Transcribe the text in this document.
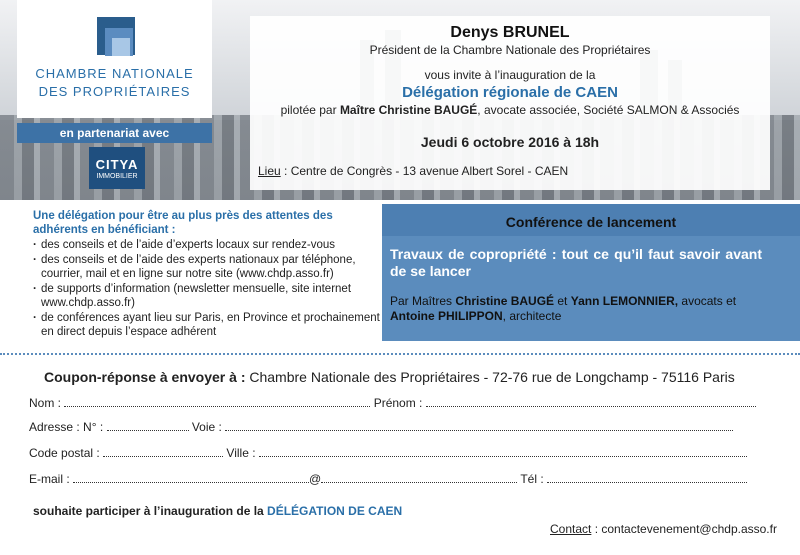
CHAMBRE NATIONALE
DES PROPRIÉTAIRES
en partenariat avec
CITYA
IMMOBILIER
Denys BRUNEL
Président de la Chambre Nationale des Propriétaires
vous invite à l’inauguration de la
Délégation régionale de CAEN
pilotée par Maître Christine BAUGÉ, avocate associée, Société SALMON & Associés
Jeudi 6 octobre 2016 à 18h
Lieu : Centre de Congrès - 13 avenue Albert Sorel - CAEN
Une délégation pour être au plus près des attentes des adhérents en bénéficiant :
· des conseils et de l’aide d’experts locaux sur rendez-vous
· des conseils et de l’aide des experts nationaux par téléphone, courrier, mail et en ligne sur notre site (www.chdp.asso.fr)
· de supports d’information (newsletter mensuelle, site internet www.chdp.asso.fr)
· de conférences ayant lieu sur Paris, en Province et prochainement en direct depuis l’espace adhérent
Conférence de lancement
Travaux de copropriété : tout ce qu’il faut savoir avant de se lancer
Par Maîtres Christine BAUGÉ et Yann LEMONNIER, avocats et Antoine PHILIPPON, architecte
Coupon-réponse à envoyer à : Chambre Nationale des Propriétaires - 72-76 rue de Longchamp - 75116 Paris
Nom :	Prénom :
Adresse : N° :	Voie :
Code postal :	Ville :
E-mail :	@	Tél :
souhaite participer à l’inauguration de la DÉLÉGATION DE CAEN
Contact : contactevenement@chdp.asso.fr
